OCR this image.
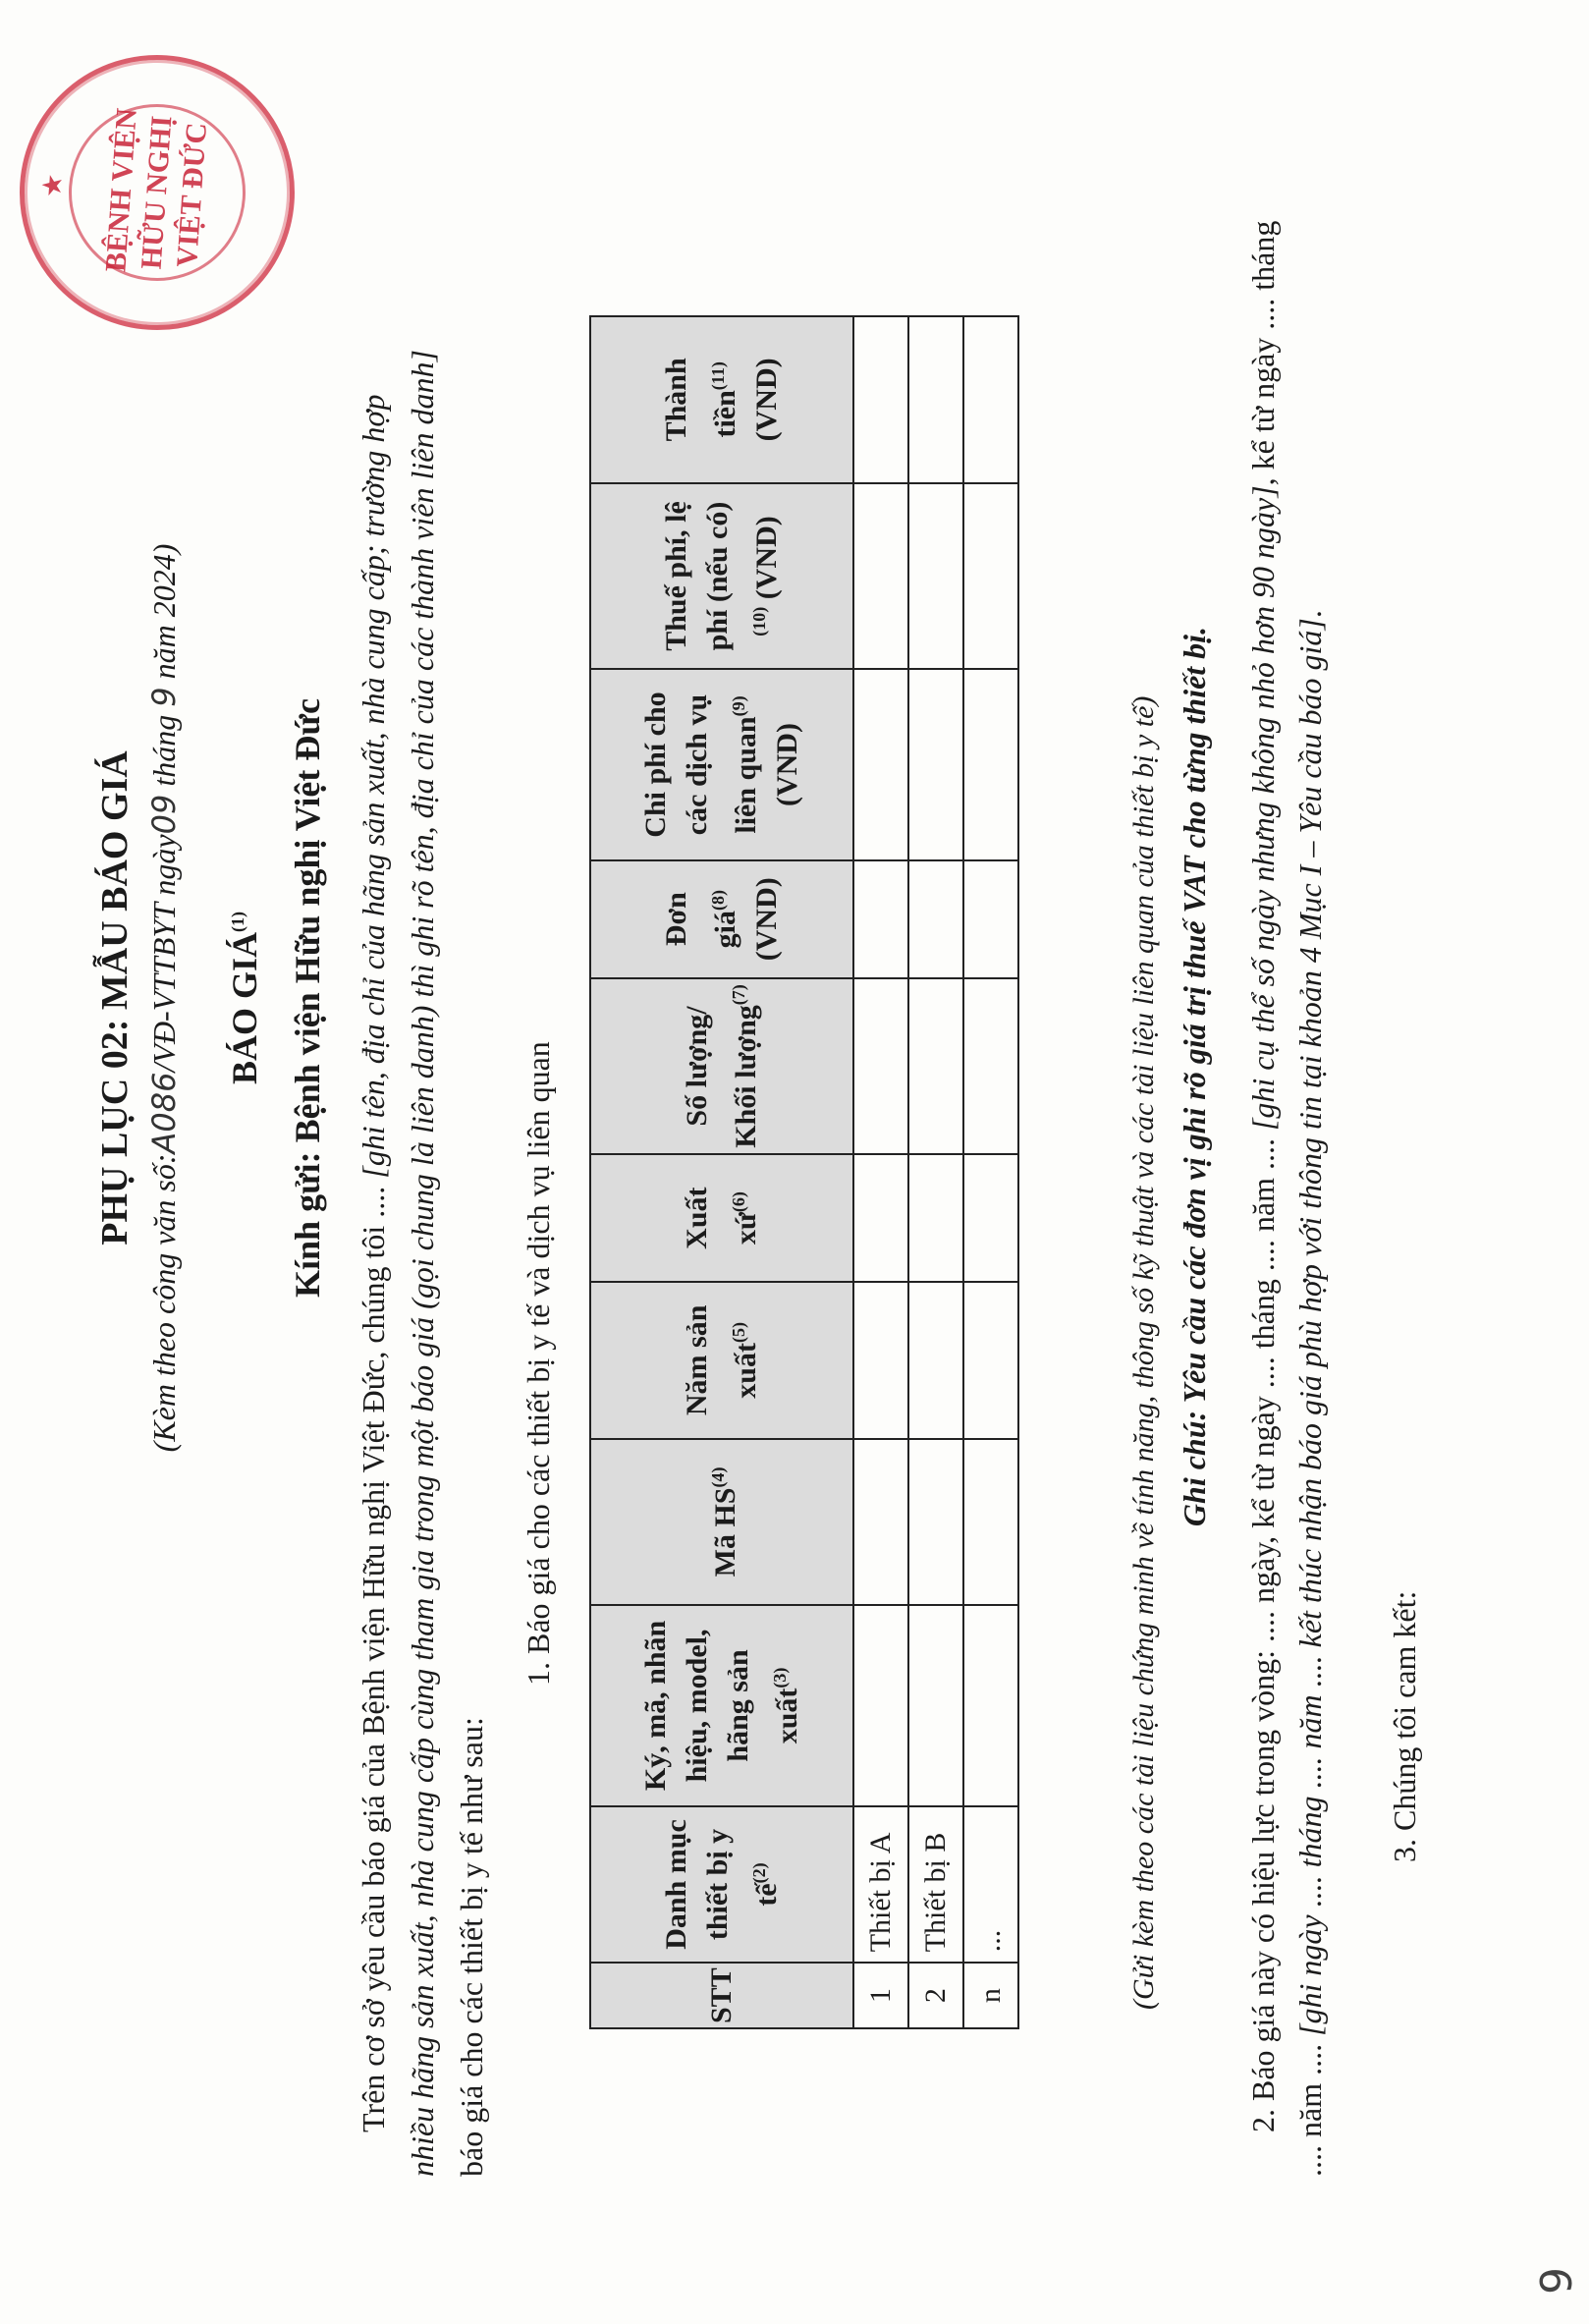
★ BỆNH VIỆN
HỮU NGHỊ
VIỆT ĐỨC
PHỤ LỤC 02: MẪU BÁO GIÁ
(Kèm theo công văn số:A086/VĐ-VTTBYT ngày09 tháng 9 năm 2024)
BÁO GIÁ$^{(1)}$	Kính gửi: Bệnh viện Hữu nghị Việt Đức
Trên cơ sở yêu cầu báo giá của Bệnh viện Hữu nghị Việt Đức, chúng tôi .... [ghi tên, địa chỉ của hãng sản xuất, nhà cung cấp; trường hợp nhiều hãng sản xuất, nhà cung cấp cùng tham gia trong một báo giá (gọi chung là liên danh) thì ghi rõ tên, địa chỉ của các thành viên liên danh] báo giá cho các thiết bị y tế như sau:
1. Báo giá cho các thiết bị y tế và dịch vụ liên quan
STT	Danh mục thiết bị y tế$^{(2)}$	Ký, mã, nhãn hiệu, model, hãng sản xuất$^{(3)}$	Mã HS$^{(4)}$	Năm sản xuất$^{(5)}$	Xuất xứ$^{(6)}$	Số lượng/ Khối lượng$^{(7)}$	Đơn giá$^{(8)}$ (VND)	Chi phí cho các dịch vụ liên quan$^{(9)}$ (VND)	Thuế phí, lệ phí (nếu có) $^{(10)}$ (VND)	Thành tiền$^{(11)}$ (VND)
1	Thiết bị A									
2	Thiết bị B									
n	...										(Gửi kèm theo các tài liệu chứng minh về tính năng, thông số kỹ thuật và các tài liệu liên quan của thiết bị y tế) Ghi chú: Yêu cầu các đơn vị ghi rõ giá trị thuế VAT cho từng thiết bị.
2. Báo giá này có hiệu lực trong vòng: .... ngày, kể từ ngày .... tháng .... năm .... [ghi cụ thể số ngày nhưng không nhỏ hơn 90 ngày], kể từ ngày .... tháng .... năm .... [ghi ngày .... tháng .... năm .... kết thúc nhận báo giá phù hợp với thông tin tại khoản 4 Mục I – Yêu cầu báo giá].
3. Chúng tôi cam kết:
9
